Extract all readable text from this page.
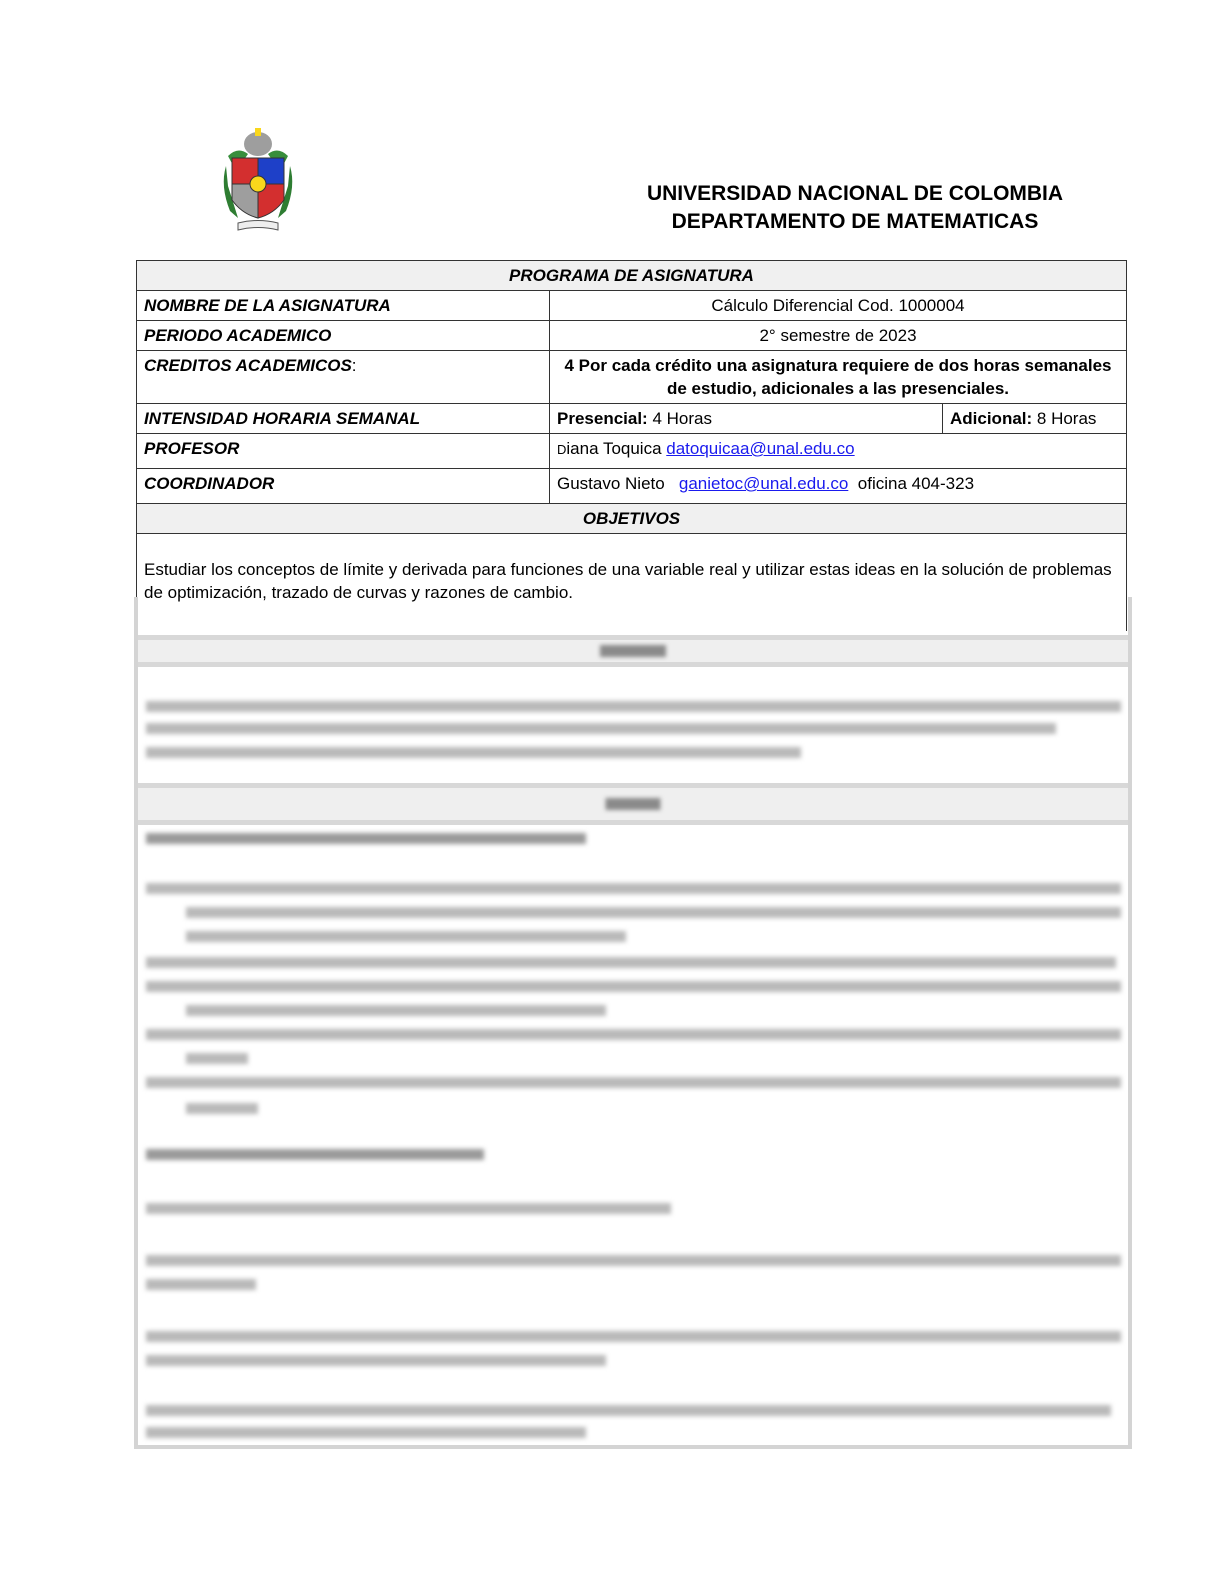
UNIVERSIDAD NACIONAL DE COLOMBIA
DEPARTAMENTO DE MATEMATICAS
PROGRAMA DE ASIGNATURA		
NOMBRE DE LA ASIGNATURA	Cálculo Diferencial Cod. 1000004	
PERIODO ACADEMICO	2° semestre de 2023	
CREDITOS ACADEMICOS:	4 Por cada crédito una asignatura requiere de dos horas semanales de estudio, adicionales a las presenciales.	
INTENSIDAD HORARIA SEMANAL	Presencial: 4 Horas	Adicional: 8 Horas
PROFESOR	Diana Toquica datoquicaa@unal.edu.co	
COORDINADOR	Gustavo Nieto   ganietoc@unal.edu.co  oficina 404-323	
OBJETIVOS		
Estudiar los conceptos de límite y derivada para funciones de una variable real y utilizar estas ideas en la solución de problemas de optimización, trazado de curvas y razones de cambio.		
